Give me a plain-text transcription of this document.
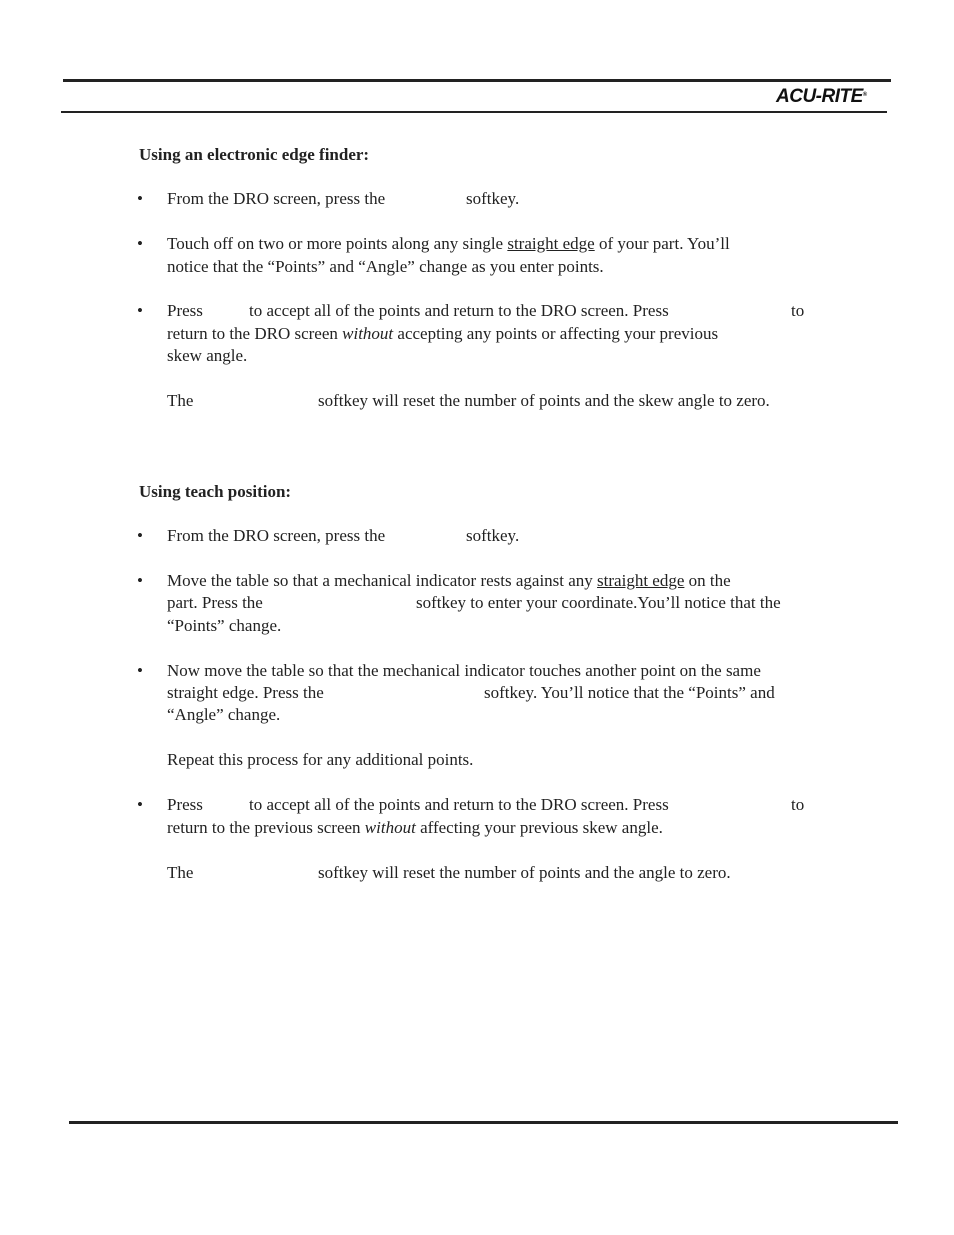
ACU-RITE®
Using an electronic edge finder:
• From the DRO screen, press the	softkey.
• Touch off on two or more points along any single straight edge of your part. You’ll
notice that the “Points” and “Angle” change as you enter points.
• Press	to accept all of the points and return to the DRO screen. Press	to
return to the DRO screen without accepting any points or affecting your previous
skew angle.
The	softkey will reset the number of points and the skew angle to zero.
Using teach position:
• From the DRO screen, press the	softkey.
• Move the table so that a mechanical indicator rests against any straight edge on the
part. Press the	softkey to enter your coordinate.You’ll notice that the
“Points” change.
• Now move the table so that the mechanical indicator touches another point on the same
straight edge. Press the	softkey. You’ll notice that the “Points” and
“Angle” change.
Repeat this process for any additional points.
• Press	to accept all of the points and return to the DRO screen. Press	to
return to the previous screen without affecting your previous skew angle.
The	softkey will reset the number of points and the angle to zero.
